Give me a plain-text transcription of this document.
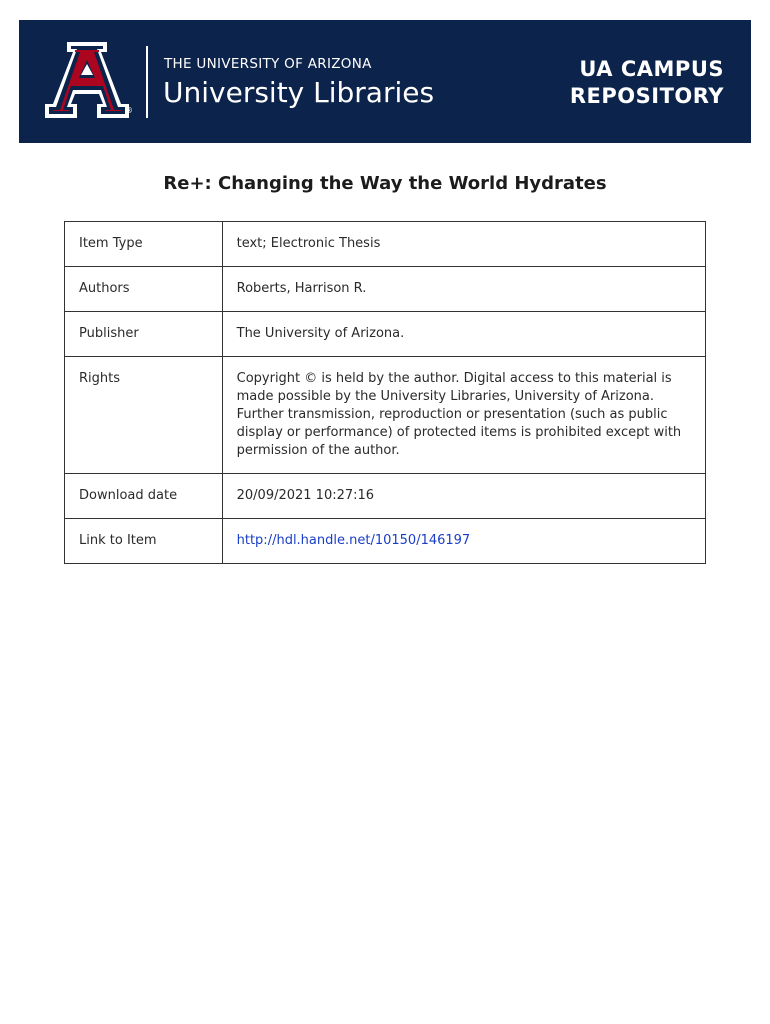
®
THE UNIVERSITY OF ARIZONA
University Libraries
UA CAMPUS
REPOSITORY
Re+: Changing the Way the World Hydrates
Item Type	text; Electronic Thesis
Authors	Roberts, Harrison R.
Publisher	The University of Arizona.
Rights	Copyright © is held by the author. Digital access to this material is made possible by the University Libraries, University of Arizona. Further transmission, reproduction or presentation (such as public display or performance) of protected items is prohibited except with permission of the author.
Download date	20/09/2021 10:27:16
Link to Item	http://hdl.handle.net/10150/146197
